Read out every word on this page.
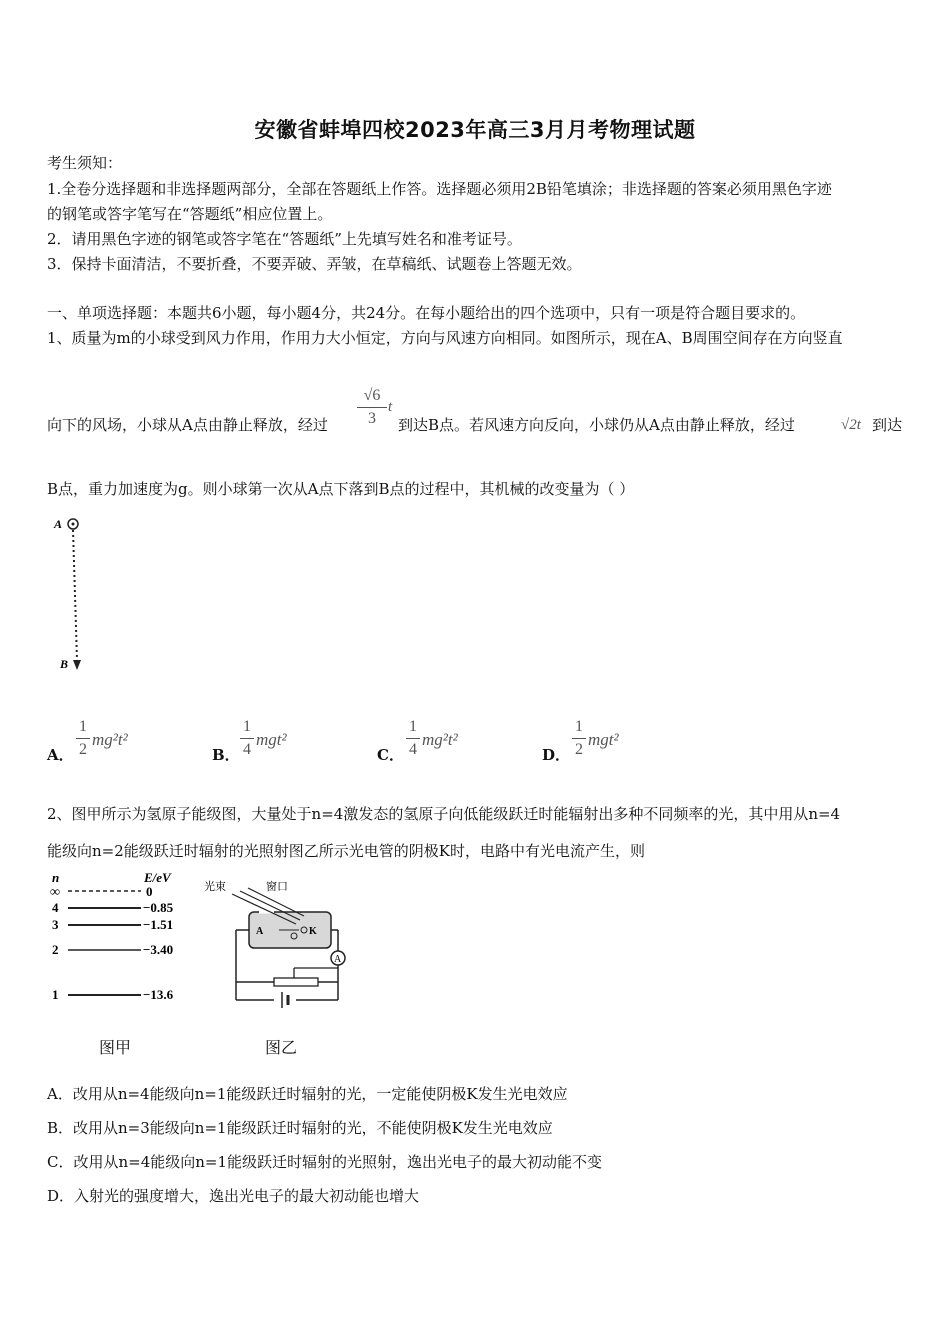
安徽省蚌埠四校2023年高三3月月考物理试题
考生须知：
1.全卷分选择题和非选择题两部分，全部在答题纸上作答。选择题必须用2B铅笔填涂；非选择题的答案必须用黑色字迹
的钢笔或答字笔写在“答题纸”相应位置上。
2．请用黑色字迹的钢笔或答字笔在“答题纸”上先填写姓名和准考证号。
3．保持卡面清洁，不要折叠，不要弄破、弄皱，在草稿纸、试题卷上答题无效。
一、单项选择题：本题共6小题，每小题4分，共24分。在每小题给出的四个选项中，只有一项是符合题目要求的。
1、质量为m的小球受到风力作用，作用力大小恒定，方向与风速方向相同。如图所示，现在A、B周围空间存在方向竖直
向下的风场，小球从A点由静止释放，经过
√6
3
t
到达B点。若风速方向反向，小球仍从A点由静止释放，经过	√2t 到达
B点，重力加速度为g。则小球第一次从A点下落到B点的过程中，其机械的改变量为（ ）
A
B
A．
1
2
mg²t²
B．
1
4
mgt²
C．
1
4
mg²t²
D．
1
2
mgt²
2、图甲所示为氢原子能级图，大量处于n=4激发态的氢原子向低能级跃迁时能辐射出多种不同频率的光，其中用从n=4
能级向n=2能级跃迁时辐射的光照射图乙所示光电管的阴极K时，电路中有光电流产生，则
n	E/eV
∞	0
4	−0.85
3	−1.51
2	−3.40
1	−13.6
图甲
光束	窗口
A	K
A
图乙
A．改用从n=4能级向n=1能级跃迁时辐射的光，一定能使阴极K发生光电效应
B．改用从n=3能级向n=1能级跃迁时辐射的光，不能使阴极K发生光电效应
C．改用从n=4能级向n=1能级跃迁时辐射的光照射，逸出光电子的最大初动能不变
D．入射光的强度增大，逸出光电子的最大初动能也增大
